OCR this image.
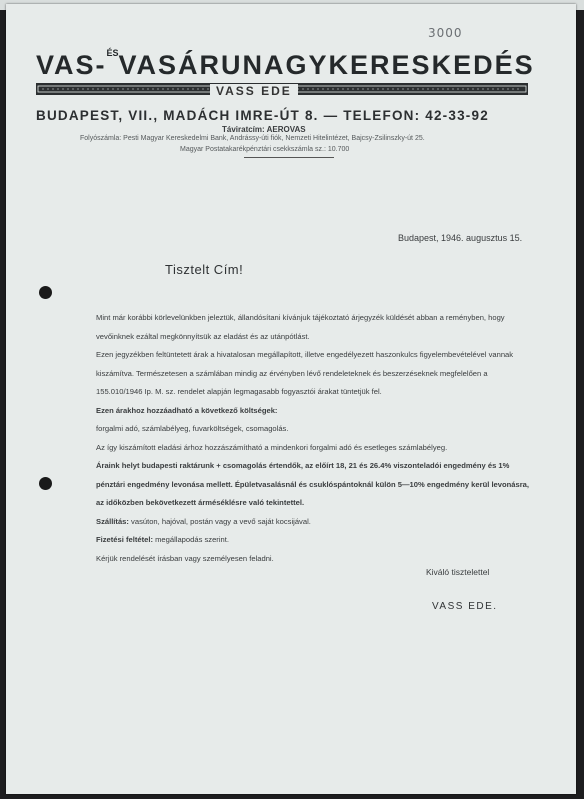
3000
VAS-$^{ÉS}$VASÁRUNAGYKERESKEDÉS
VASS EDE
BUDAPEST, VII., MADÁCH IMRE-ÚT 8. — TELEFON: 42-33-92
Táviratcím: AEROVAS
Folyószámla: Pesti Magyar Kereskedelmi Bank, Andrássy-úti fiók, Nemzeti Hitelintézet, Bajcsy-Zsilinszky-út 25.
Magyar Postatakarékpénztári csekkszámla sz.: 10.700
Budapest, 1946. augusztus 15.
Tisztelt Cím!

Mint már korábbi körlevelünkben jeleztük, állandósítani kívánjuk tájékoztató árjegyzék küldését abban a reményben, hogy vevőinknek ezáltal megkönnyítsük az eladást és az utánpótlást.

Ezen jegyzékben feltüntetett árak a hivatalosan megállapított, illetve engedélyezett haszonkulcs figyelembevételével vannak kiszámítva. Természetesen a számlában mindig az érvényben lévő rendeleteknek és beszerzéseknek megfelelően a 155.010/1946 Ip. M. sz. rendelet alapján legmagasabb fogyasztói árakat tüntetjük fel.

Ezen árakhoz hozzáadható a következő költségek:

forgalmi adó, számlabélyeg, fuvarköltségek, csomagolás.

Az így kiszámított eladási árhoz hozzászámítható a mindenkori forgalmi adó és esetleges számlabélyeg.

Áraink helyt budapesti raktárunk + csomagolás értendők, az előírt 18, 21 és 26.4% viszonteladói engedmény és 1% pénztári engedmény levonása mellett. Épületvasalásnál és csuklóspántoknál külön 5—10% engedmény kerül levonásra, az időközben bekövetkezett árméséklésre való tekintettel.

Szállítás: vasúton, hajóval, postán vagy a vevő saját kocsijával.

Fizetési feltétel: megállapodás szerint.

Kérjük rendelését írásban vagy személyesen feladni.

Kiváló tisztelettel
VASS EDE.
